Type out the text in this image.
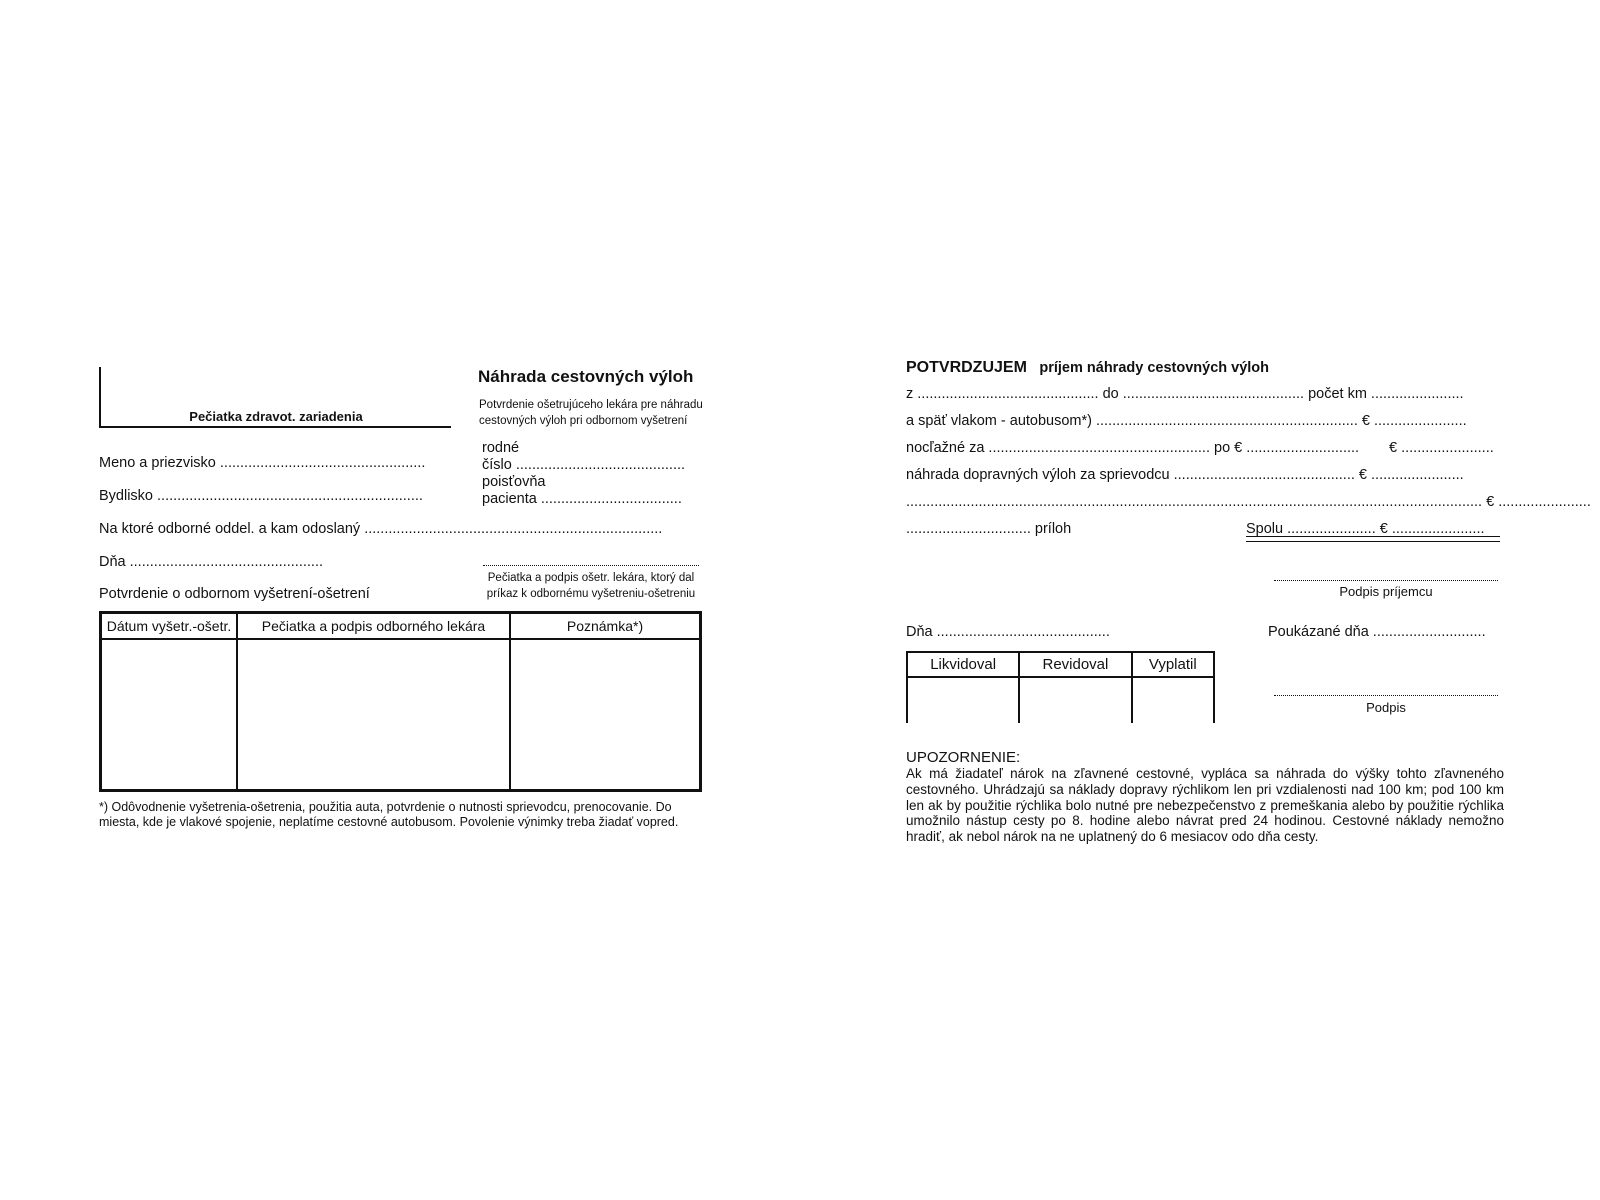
Pečiatka zdravot. zariadenia
Náhrada cestovných výloh
Potvrdenie ošetrujúceho lekára pre náhradu
cestovných výloh pri odbornom vyšetrení
rodné
číslo ..........................................
poisťovňa
pacienta ...................................
Meno a priezvisko ...................................................
Bydlisko ..................................................................
Na ktoré odborné oddel. a kam odoslaný ..........................................................................
Dňa ................................................
Pečiatka a podpis ošetr. lekára, ktorý dal
príkaz k odbornému vyšetreniu-ošetreniu
Potvrdenie o odbornom vyšetrení-ošetrení
Dátum vyšetr.-ošetr.	Pečiatka a podpis odborného lekára	Poznámka*)

*) Odôvodnenie vyšetrenia-ošetrenia, použitia auta, potvrdenie o nutnosti sprievodcu, prenocovanie. Do miesta, kde je vlakové spojenie, neplatíme cestovné autobusom. Povolenie výnimky treba žiadať vopred.
POTVRDZUJEM príjem náhrady cestovných výloh
z ............................................. do ............................................. počet km .......................
a späť vlakom - autobusom*) ................................................................. € .......................
nocľažné za ....................................................... po € ............................ € .......................
náhrada dopravných výloh za sprievodcu ............................................. € .......................
............................................................................................................................................... € .......................
............................... príloh	Spolu ...................... € .......................
Podpis príjemcu
Dňa ...........................................	Poukázané dňa ............................
Likvidoval	Revidoval	Vyplatil

Podpis
UPOZORNENIE:
Ak má žiadateľ nárok na zľavnené cestovné, vypláca sa náhrada do výšky tohto zľavneného cestovného. Uhrádzajú sa náklady dopravy rýchlikom len pri vzdialenosti nad 100 km; pod 100 km len ak by použitie rýchlika bolo nutné pre nebezpečenstvo z premeškania alebo by použitie rýchlika umožnilo nástup cesty po 8. hodine alebo návrat pred 24 hodinou. Cestovné náklady nemožno hradiť, ak nebol nárok na ne uplatnený do 6 mesiacov odo dňa cesty.
